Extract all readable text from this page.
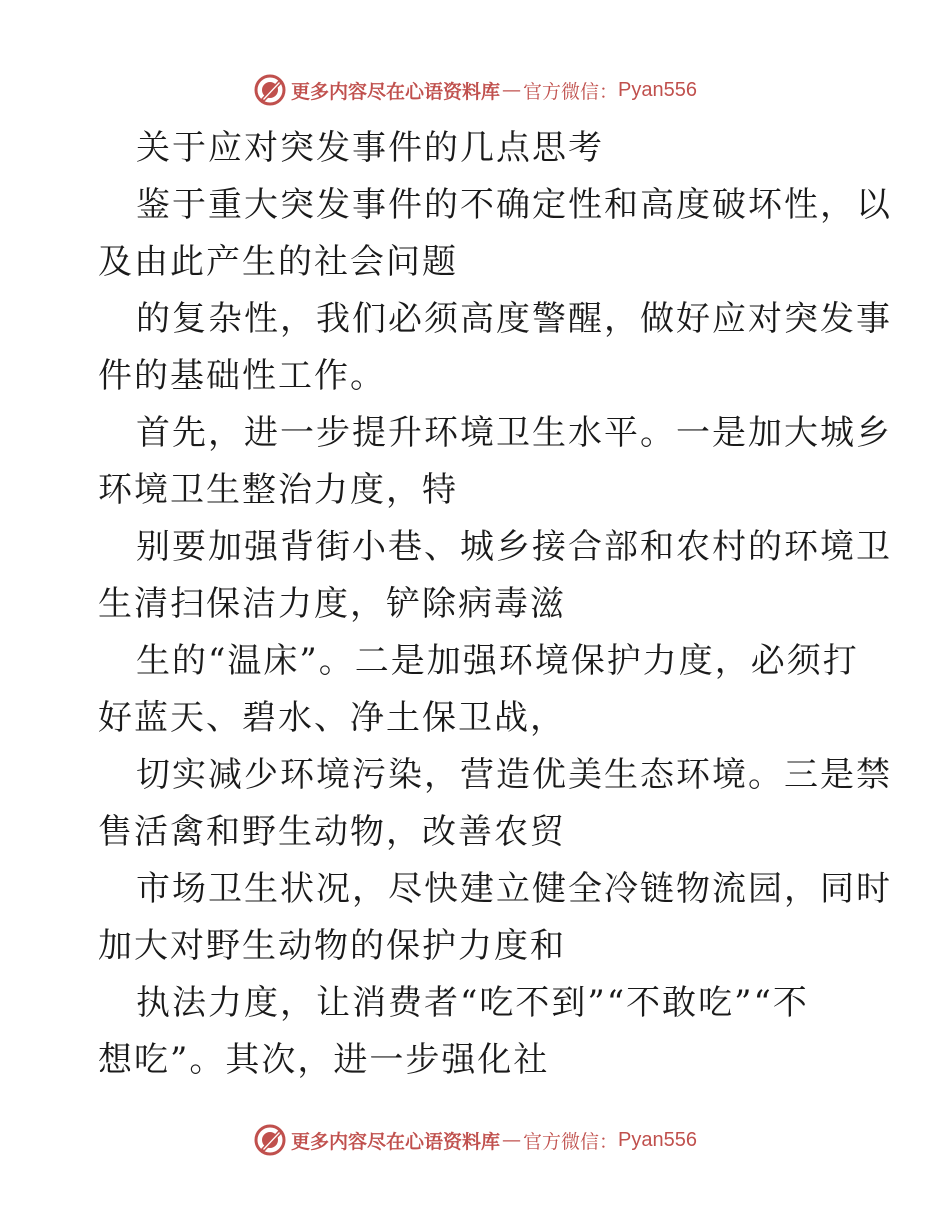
更多内容尽在心语资料库 — 官方微信： Pyan556
关于应对突发事件的几点思考
鉴于重大突发事件的不确定性和高度破坏性，以
及由此产生的社会问题
的复杂性，我们必须高度警醒，做好应对突发事
件的基础性工作。
首先，进一步提升环境卫生水平。一是加大城乡
环境卫生整治力度，特
别要加强背街小巷、城乡接合部和农村的环境卫
生清扫保洁力度，铲除病毒滋
生的“温床”。二是加强环境保护力度，必须打
好蓝天、碧水、净土保卫战，
切实减少环境污染，营造优美生态环境。三是禁
售活禽和野生动物，改善农贸
市场卫生状况，尽快建立健全冷链物流园，同时
加大对野生动物的保护力度和
执法力度，让消费者“吃不到”“不敢吃”“不
想吃”。其次，进一步强化社
更多内容尽在心语资料库 — 官方微信： Pyan556
